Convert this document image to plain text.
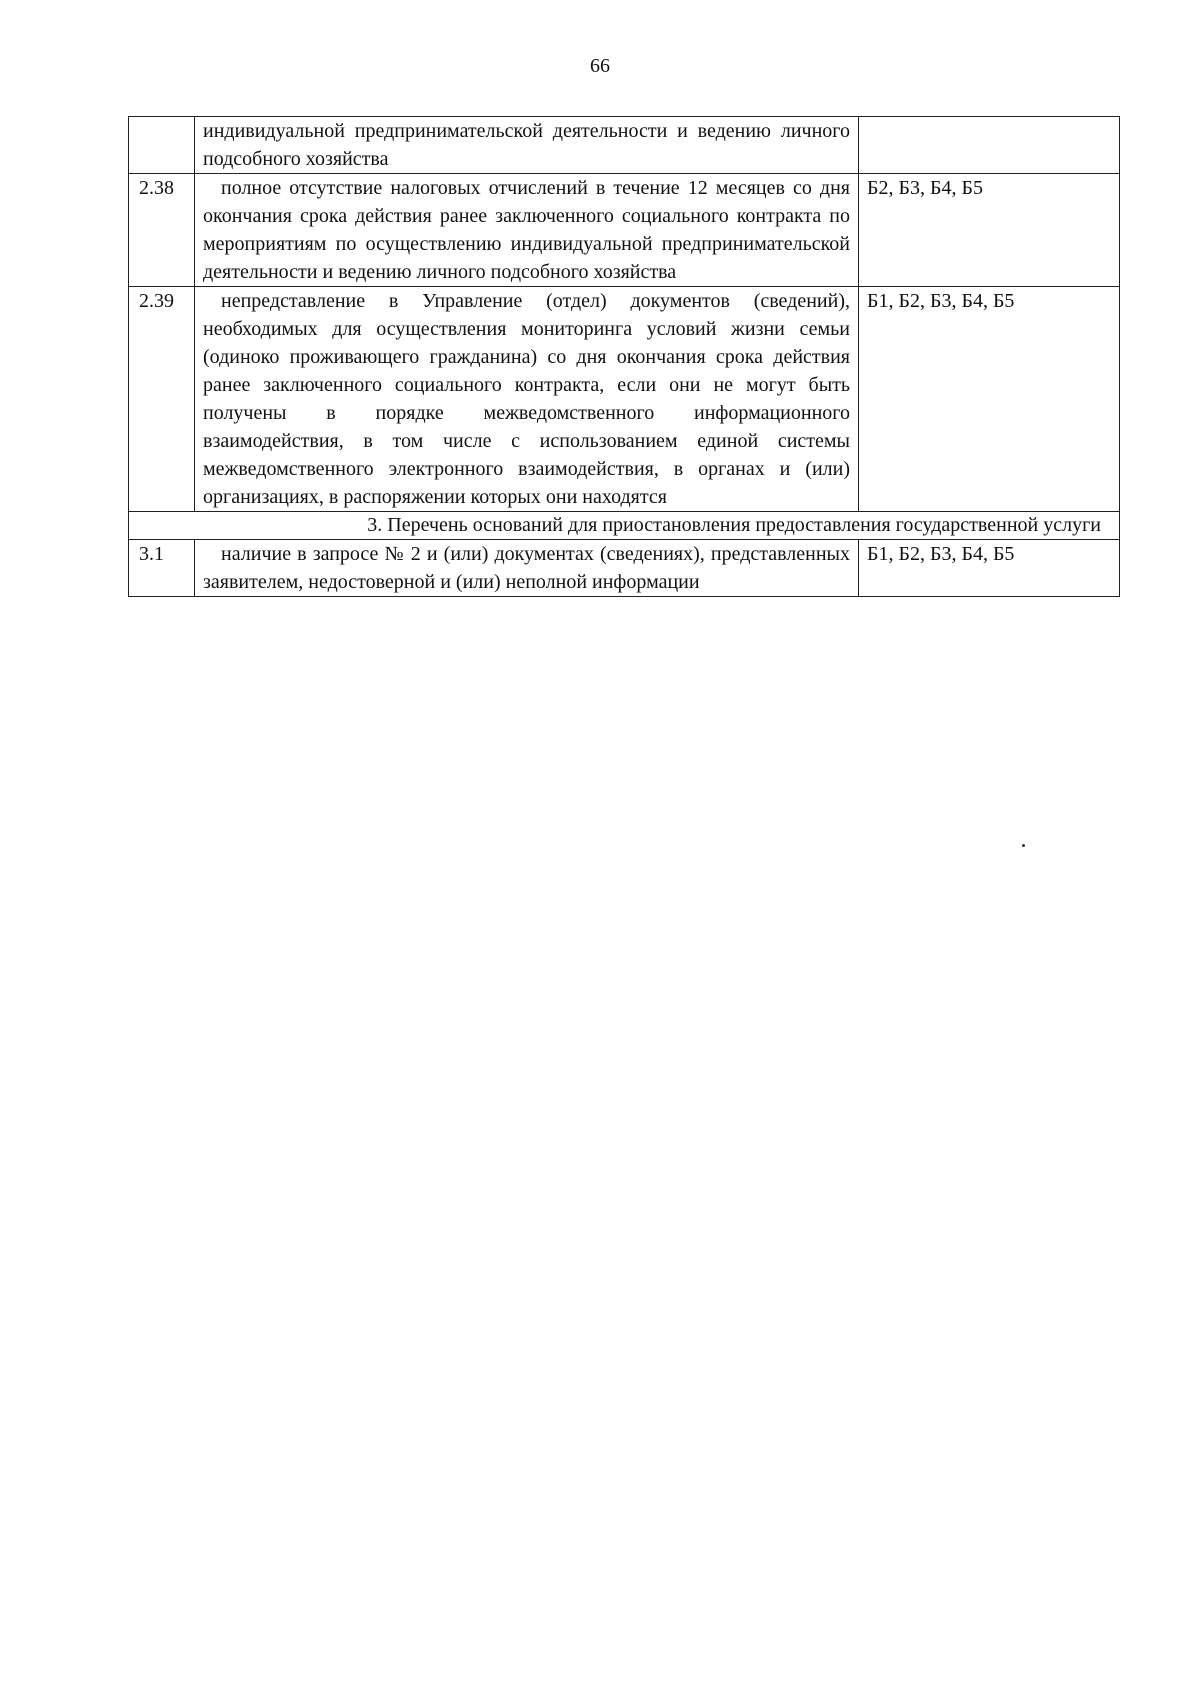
66
	индивидуальной предпринимательской деятельности и ведению личного подсобного хозяйства	
2.38	полное отсутствие налоговых отчислений в течение 12 месяцев со дня окончания срока действия ранее заключенного социального контракта по мероприятиям по осуществлению индивидуальной предпринимательской деятельности и ведению личного подсобного хозяйства	Б2, Б3, Б4, Б5
2.39	непредставление в Управление (отдел) документов (сведений), необходимых для осуществления мониторинга условий жизни семьи (одиноко проживающего гражданина) со дня окончания срока действия ранее заключенного социального контракта, если они не могут быть получены в порядке межведомственного информационного взаимодействия, в том числе с использованием единой системы межведомственного электронного взаимодействия, в органах и (или) организациях, в распоряжении которых они находятся	Б1, Б2, Б3, Б4, Б5
3. Перечень оснований для приостановления предоставления государственной услуги		
3.1	наличие в запросе № 2 и (или) документах (сведениях), представленных заявителем, недостоверной и (или) неполной информации	Б1, Б2, Б3, Б4, Б5
